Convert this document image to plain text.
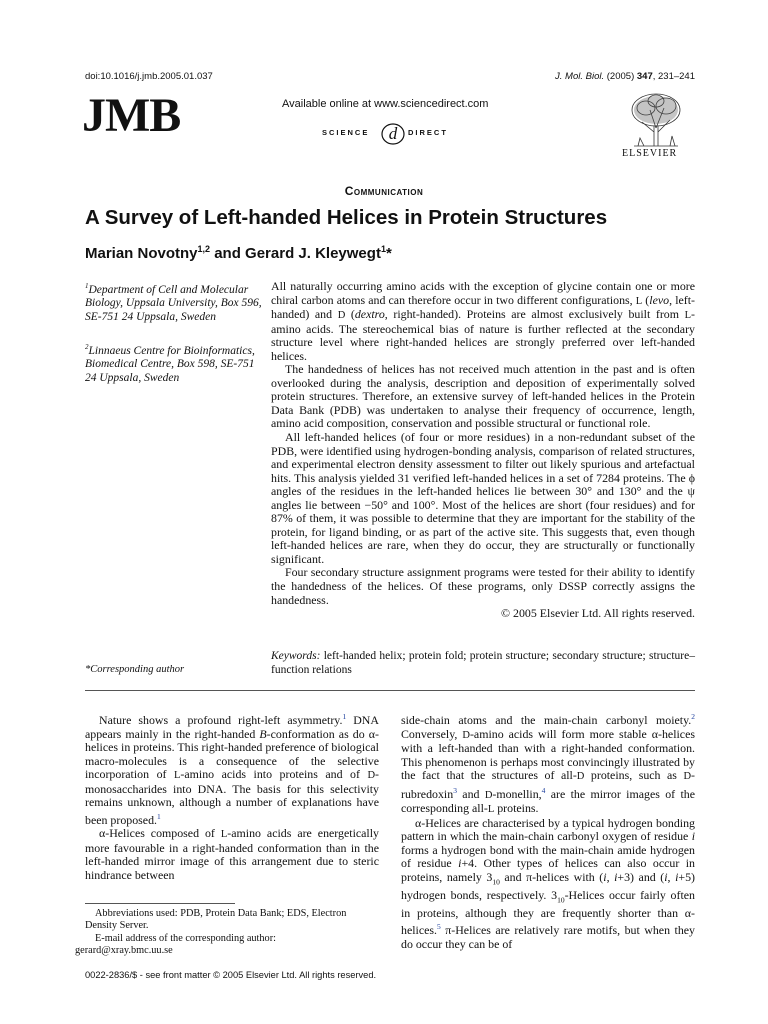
doi:10.1016/j.jmb.2005.01.037	J. Mol. Biol. (2005) 347, 231–241
JMB	Available online at www.sciencedirect.com
SCIENCE d DIRECT
ELSEVIER
Communication
A Survey of Left-handed Helices in Protein Structures
Marian Novotny$^{1,2}$ and Gerard J. Kleywegt$^1$*
$^1$Department of Cell and Molecular Biology, Uppsala University, Box 596, SE-751 24 Uppsala, Sweden
$^2$Linnaeus Centre for Bioinformatics, Biomedical Centre, Box 598, SE-751 24 Uppsala, Sweden
*Corresponding author

All naturally occurring amino acids with the exception of glycine contain one or more chiral carbon atoms and can therefore occur in two different configurations, L (levo, left-handed) and D (dextro, right-handed). Proteins are almost exclusively built from L-amino acids. The stereochemical bias of nature is further reflected at the secondary structure level where right-handed helices are strongly preferred over left-handed helices.

The handedness of helices has not received much attention in the past and is often overlooked during the analysis, description and deposition of experimentally solved protein structures. Therefore, an extensive survey of left-handed helices in the Protein Data Bank (PDB) was undertaken to analyse their frequency of occurrence, length, amino acid composition, conservation and possible structural or functional role.

All left-handed helices (of four or more residues) in a non-redundant subset of the PDB, were identified using hydrogen-bonding analysis, comparison of related structures, and experimental electron density assessment to filter out likely spurious and artefactual hits. This analysis yielded 31 verified left-handed helices in a set of 7284 proteins. The ϕ angles of the residues in the left-handed helices lie between 30° and 130° and the ψ angles lie between −50° and 100°. Most of the helices are short (four residues) and for 87% of them, it was possible to determine that they are important for the stability of the protein, for ligand binding, or as part of the active site. This suggests that, even though left-handed helices are rare, when they do occur, they are structurally or functionally significant.

Four secondary structure assignment programs were tested for their ability to identify the handedness of the helices. Of these programs, only DSSP correctly assigns the handedness.

© 2005 Elsevier Ltd. All rights reserved.
Keywords: left-handed helix; protein fold; protein structure; secondary structure; structure–function relations

Nature shows a profound right-left asymmetry.$^1$ DNA appears mainly in the right-handed B-conformation as do α-helices in proteins. This right-handed preference of biological macro-molecules is a consequence of the selective incorporation of L-amino acids into proteins and of D-monosaccharides into DNA. The basis for this selectivity remains unknown, although a number of explanations have been proposed.$^1$

α-Helices composed of L-amino acids are energetically more favourable in a right-handed conformation than in the left-handed mirror image of this arrangement due to steric hindrance between

Abbreviations used: PDB, Protein Data Bank; EDS, Electron Density Server.

E-mail address of the corresponding author:
gerard@xray.bmc.uu.se

side-chain atoms and the main-chain carbonyl moiety.$^2$ Conversely, D-amino acids will form more stable α-helices with a left-handed than with a right-handed conformation. This phenomenon is perhaps most convincingly illustrated by the fact that the structures of all-D proteins, such as D-rubredoxin$^3$ and D-monellin,$^4$ are the mirror images of the corresponding all-L proteins.

α-Helices are characterised by a typical hydrogen bonding pattern in which the main-chain carbonyl oxygen of residue i forms a hydrogen bond with the main-chain amide hydrogen of residue i+4. Other types of helices can also occur in proteins, namely $3_{10}$ and π-helices with (i, i+3) and (i, i+5) hydrogen bonds, respectively. $3_{10}$-Helices occur fairly often in proteins, although they are frequently shorter than α-helices.$^5$ π-Helices are relatively rare motifs, but when they do occur they can be of

0022-2836/$ - see front matter © 2005 Elsevier Ltd. All rights reserved.
